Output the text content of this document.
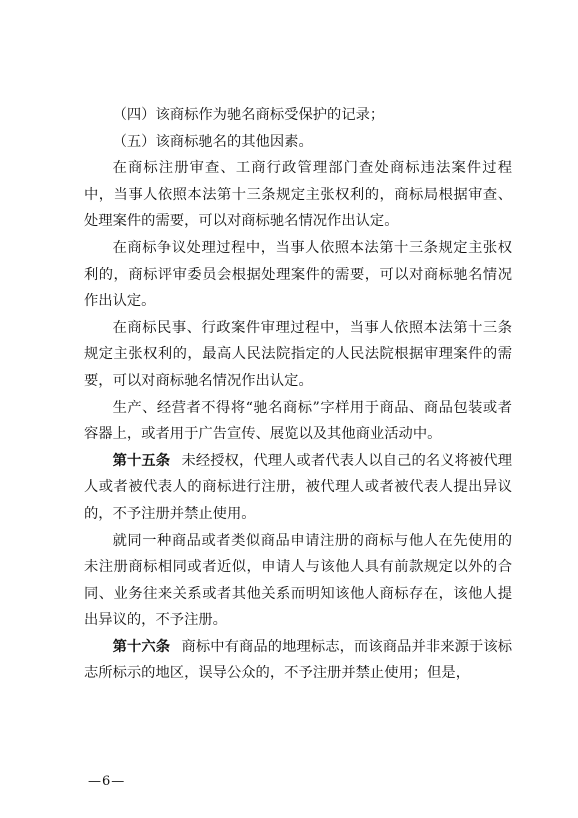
（四）该商标作为驰名商标受保护的记录；

（五）该商标驰名的其他因素。

在商标注册审查、工商行政管理部门查处商标违法案件过程中，当事人依照本法第十三条规定主张权利的，商标局根据审查、处理案件的需要，可以对商标驰名情况作出认定。

在商标争议处理过程中，当事人依照本法第十三条规定主张权利的，商标评审委员会根据处理案件的需要，可以对商标驰名情况作出认定。

在商标民事、行政案件审理过程中，当事人依照本法第十三条规定主张权利的，最高人民法院指定的人民法院根据审理案件的需要，可以对商标驰名情况作出认定。

生产、经营者不得将“驰名商标”字样用于商品、商品包装或者容器上，或者用于广告宣传、展览以及其他商业活动中。

第十五条 未经授权，代理人或者代表人以自己的名义将被代理人或者被代表人的商标进行注册，被代理人或者被代表人提出异议的，不予注册并禁止使用。

就同一种商品或者类似商品申请注册的商标与他人在先使用的未注册商标相同或者近似，申请人与该他人具有前款规定以外的合同、业务往来关系或者其他关系而明知该他人商标存在，该他人提出异议的，不予注册。

第十六条 商标中有商品的地理标志，而该商品并非来源于该标志所标示的地区，误导公众的，不予注册并禁止使用；但是，

—6—
